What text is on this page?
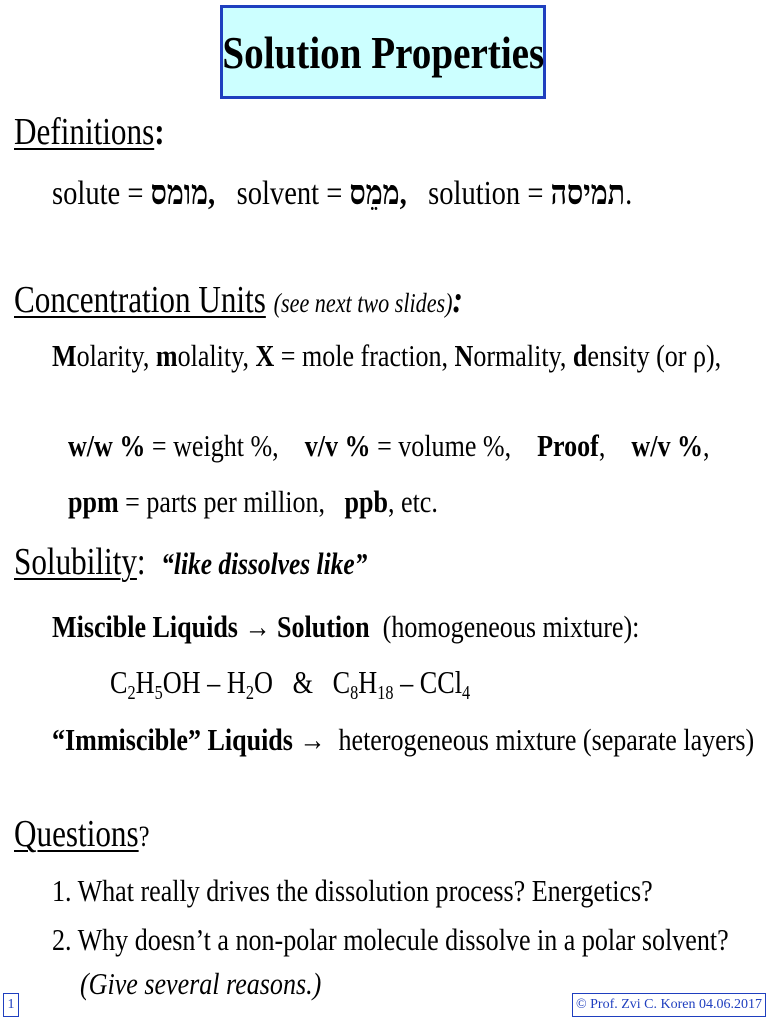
Solution Properties
Definitions:
solute = מומס, solvent = ממֵס, solution = תמיסה.
Concentration Units (see next two slides):
Molarity, molality, X = mole fraction, Normality, density (or ρ),

w/w % = weight %,    v/v % = volume %,    Proof,    w/v %,

ppm = parts per million,   ppb, etc.

Solubility: “like dissolves like”
Miscible Liquids → Solution (homogeneous mixture):
$C_2H_5OH - H_2O$ & $C_8H_{18} - CCl_4$
“Immiscible” Liquids → heterogeneous mixture (separate layers)
Questions?
1. What really drives the dissolution process? Energetics?
2. Why doesn’t a non-polar molecule dissolve in a polar solvent?
(Give several reasons.)
1	© Prof. Zvi C. Koren 04.06.2017
